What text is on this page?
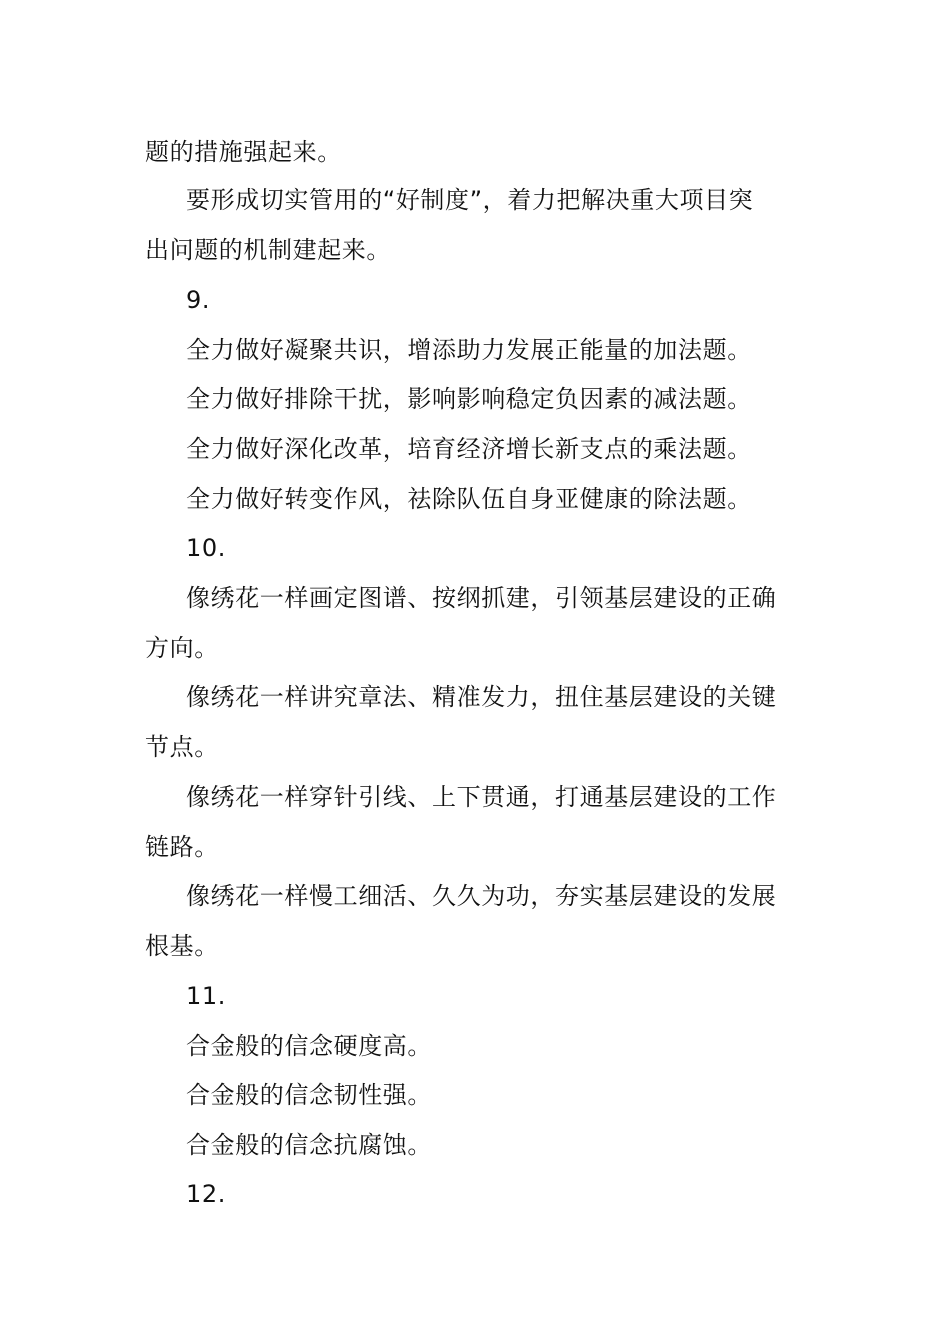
题的措施强起来。
要形成切实管用的“好制度”，着力把解决重大项目突
出问题的机制建起来。
9.
全力做好凝聚共识，增添助力发展正能量的加法题。
全力做好排除干扰，影响影响稳定负因素的减法题。
全力做好深化改革，培育经济增长新支点的乘法题。
全力做好转变作风，祛除队伍自身亚健康的除法题。
10.
像绣花一样画定图谱、按纲抓建，引领基层建设的正确
方向。
像绣花一样讲究章法、精准发力，扭住基层建设的关键
节点。
像绣花一样穿针引线、上下贯通，打通基层建设的工作
链路。
像绣花一样慢工细活、久久为功，夯实基层建设的发展
根基。
11.
合金般的信念硬度高。
合金般的信念韧性强。
合金般的信念抗腐蚀。
12.
